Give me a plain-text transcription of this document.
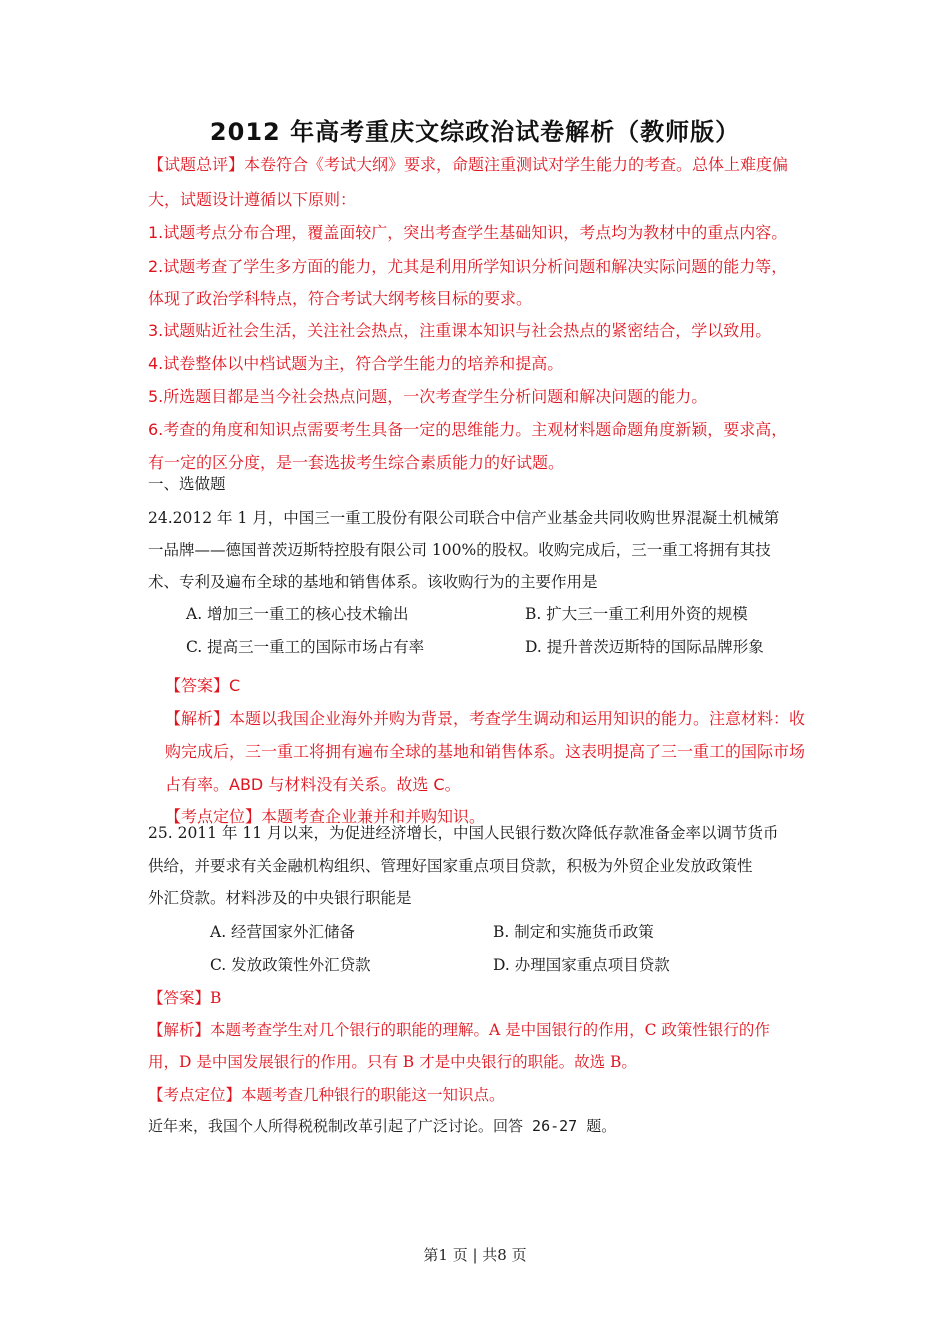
2012 年高考重庆文综政治试卷解析（教师版）
【试题总评】本卷符合《考试大纲》要求，命题注重测试对学生能力的考查。总体上难度偏
大，试题设计遵循以下原则：
1.试题考点分布合理，覆盖面较广，突出考查学生基础知识，考点均为教材中的重点内容。
2.试题考查了学生多方面的能力，尤其是利用所学知识分析问题和解决实际问题的能力等，
体现了政治学科特点，符合考试大纲考核目标的要求。
3.试题贴近社会生活，关注社会热点，注重课本知识与社会热点的紧密结合，学以致用。
4.试卷整体以中档试题为主，符合学生能力的培养和提高。
5.所选题目都是当今社会热点问题，一次考查学生分析问题和解决问题的能力。
6.考查的角度和知识点需要考生具备一定的思维能力。主观材料题命题角度新颖，要求高，
有一定的区分度，是一套选拔考生综合素质能力的好试题。
一、选做题
24.2012 年 1 月，中国三一重工股份有限公司联合中信产业基金共同收购世界混凝土机械第
一品牌——德国普茨迈斯特控股有限公司 100%的股权。收购完成后，三一重工将拥有其技
术、专利及遍布全球的基地和销售体系。该收购行为的主要作用是
A. 增加三一重工的核心技术输出	B. 扩大三一重工利用外资的规模
C. 提高三一重工的国际市场占有率	D. 提升普茨迈斯特的国际品牌形象
【答案】C
【解析】本题以我国企业海外并购为背景，考查学生调动和运用知识的能力。注意材料：收
购完成后，三一重工将拥有遍布全球的基地和销售体系。这表明提高了三一重工的国际市场
占有率。ABD 与材料没有关系。故选 C。
【考点定位】本题考查企业兼并和并购知识。
25. 2011 年 11 月以来，为促进经济增长，中国人民银行数次降低存款准备金率以调节货币
供给，并要求有关金融机构组织、管理好国家重点项目贷款，积极为外贸企业发放政策性
外汇贷款。材料涉及的中央银行职能是
A. 经营国家外汇储备	B. 制定和实施货币政策
C. 发放政策性外汇贷款	D. 办理国家重点项目贷款
【答案】B
【解析】本题考查学生对几个银行的职能的理解。A 是中国银行的作用，C 政策性银行的作
用，D 是中国发展银行的作用。只有 B 才是中央银行的职能。故选 B。
【考点定位】本题考查几种银行的职能这一知识点。
近年来，我国个人所得税税制改革引起了广泛讨论。回答 26-27 题。
第1 页 | 共8 页
